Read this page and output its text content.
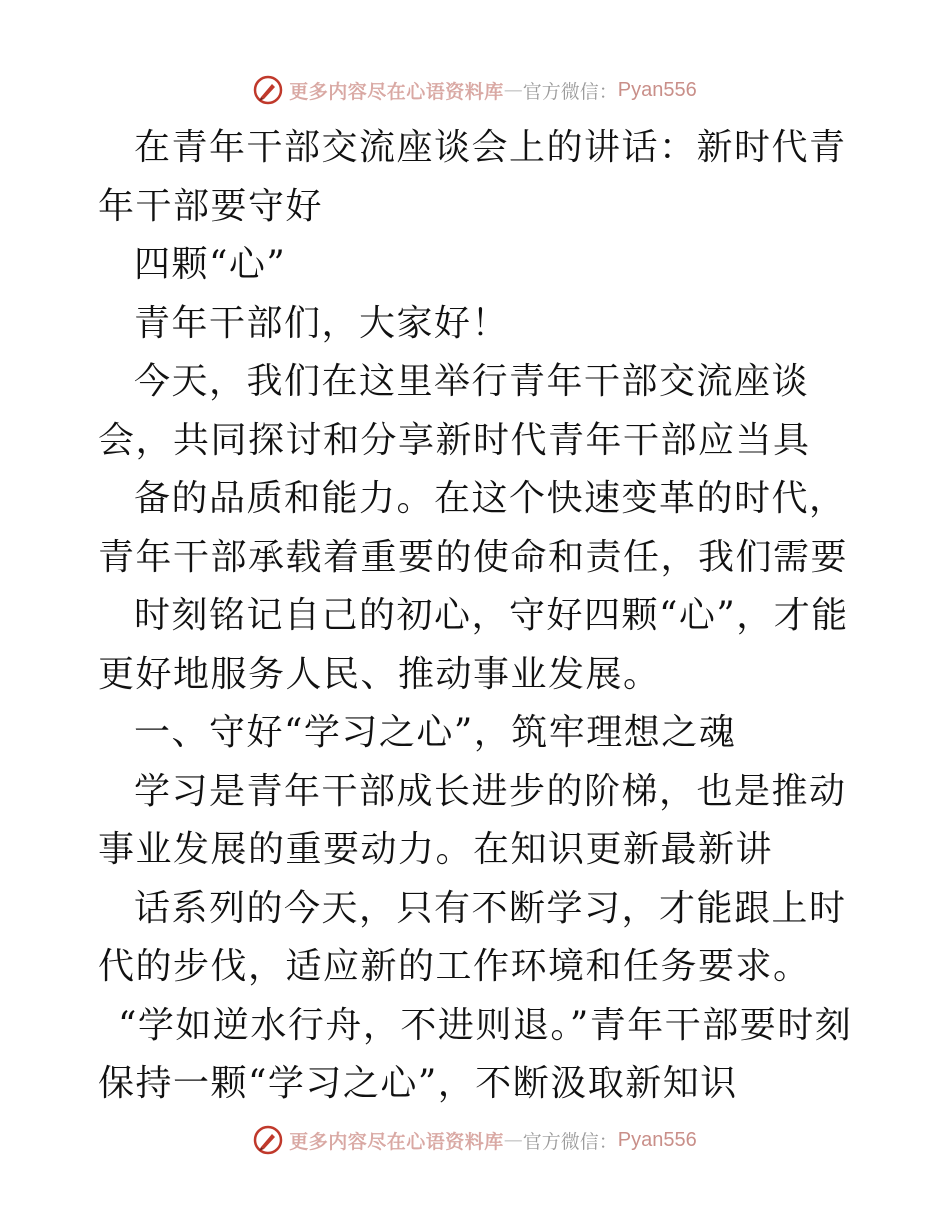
更多内容尽在心语资料库 — 官方微信： Pyan556

在青年干部交流座谈会上的讲话：新时代青年干部要守好

四颗“心”

青年干部们，大家好！

今天，我们在这里举行青年干部交流座谈会，共同探讨和分享新时代青年干部应当具

备的品质和能力。在这个快速变革的时代，青年干部承载着重要的使命和责任，我们需要

时刻铭记自己的初心，守好四颗“心”，才能更好地服务人民、推动事业发展。

一、守好“学习之心”，筑牢理想之魂

学习是青年干部成长进步的阶梯，也是推动事业发展的重要动力。在知识更新最新讲

话系列的今天，只有不断学习，才能跟上时代的步伐，适应新的工作环境和任务要求。

“学如逆水行舟，不进则退。”青年干部要时刻保持一颗“学习之心”，不断汲取新知识

更多内容尽在心语资料库 — 官方微信： Pyan556
